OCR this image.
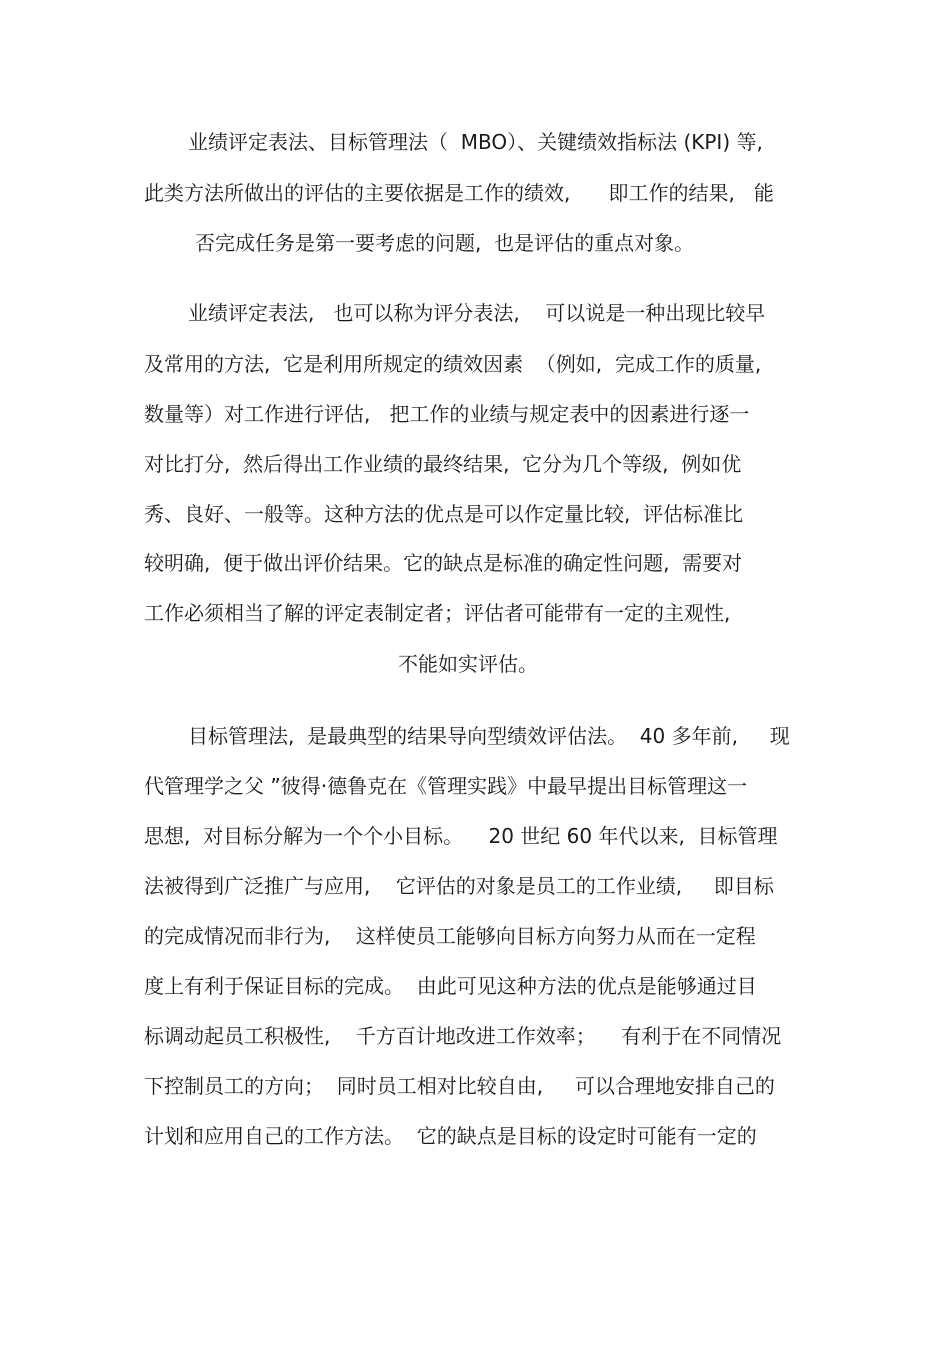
业绩评定表法、目标管理法（  MBO）、关键绩效指标法 (KPI) 等,
此类方法所做出的评估的主要依据是工作的绩效,      即工作的结果,   能
否完成任务是第一要考虑的问题,  也是评估的重点对象。
业绩评定表法,   也可以称为评分表法,    可以说是一种出现比较早
及常用的方法,  它是利用所规定的绩效因素  （例如,  完成工作的质量,
数量等）对工作进行评估,   把工作的业绩与规定表中的因素进行逐一
对比打分,  然后得出工作业绩的最终结果,  它分为几个等级,  例如优
秀、良好、一般等。这种方法的优点是可以作定量比较,  评估标准比
较明确,  便于做出评价结果。它的缺点是标准的确定性问题,  需要对
工作必须相当了解的评定表制定者；评估者可能带有一定的主观性,
不能如实评估。
目标管理法,  是最典型的结果导向型绩效评估法。  40 多年前,     现
代管理学之父 ”彼得·德鲁克在《管理实践》中最早提出目标管理这一
思想,  对目标分解为一个个小目标。    20 世纪 60 年代以来,  目标管理
法被得到广泛推广与应用,    它评估的对象是员工的工作业绩,     即目标
的完成情况而非行为,    这样使员工能够向目标方向努力从而在一定程
度上有利于保证目标的完成。  由此可见这种方法的优点是能够通过目
标调动起员工积极性,    千方百计地改进工作效率；    有利于在不同情况
下控制员工的方向；  同时员工相对比较自由,     可以合理地安排自己的
计划和应用自己的工作方法。  它的缺点是目标的设定时可能有一定的
